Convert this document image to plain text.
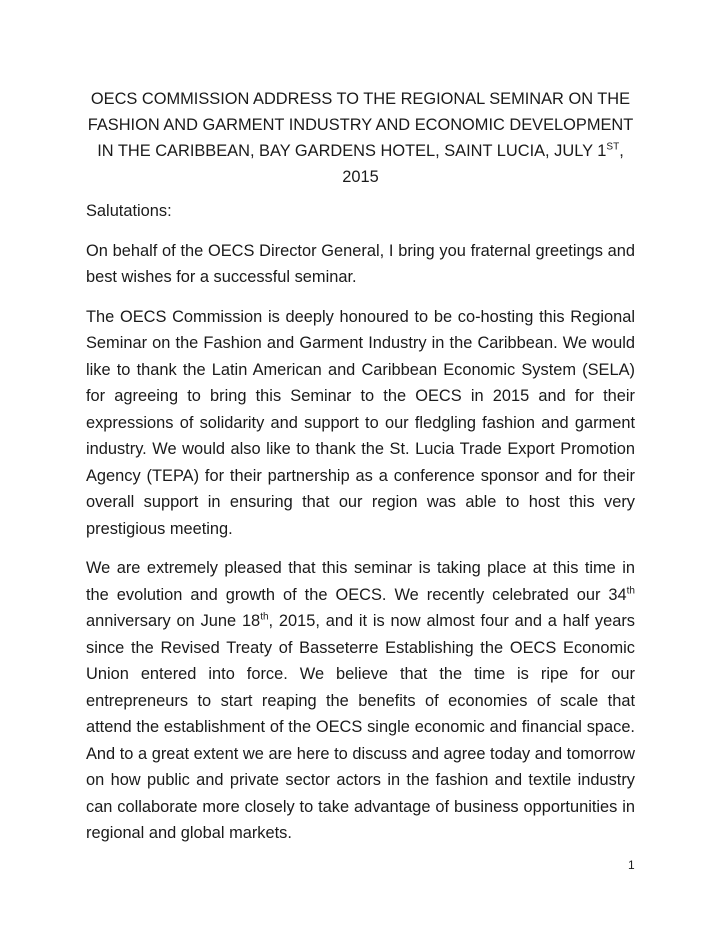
OECS COMMISSION ADDRESS TO THE REGIONAL SEMINAR ON THE FASHION AND GARMENT INDUSTRY AND ECONOMIC DEVELOPMENT IN THE CARIBBEAN, BAY GARDENS HOTEL, SAINT LUCIA, JULY 1ST, 2015

Salutations:

On behalf of the OECS Director General, I bring you fraternal greetings and best wishes for a successful seminar.

The OECS Commission is deeply honoured to be co-hosting this Regional Seminar on the Fashion and Garment Industry in the Caribbean. We would like to thank the Latin American and Caribbean Economic System (SELA) for agreeing to bring this Seminar to the OECS in 2015 and for their expressions of solidarity and support to our fledgling fashion and garment industry. We would also like to thank the St. Lucia Trade Export Promotion Agency (TEPA) for their partnership as a conference sponsor and for their overall support in ensuring that our region was able to host this very prestigious meeting.

We are extremely pleased that this seminar is taking place at this time in the evolution and growth of the OECS. We recently celebrated our 34th anniversary on June 18th, 2015, and it is now almost four and a half years since the Revised Treaty of Basseterre Establishing the OECS Economic Union entered into force. We believe that the time is ripe for our entrepreneurs to start reaping the benefits of economies of scale that attend the establishment of the OECS single economic and financial space. And to a great extent we are here to discuss and agree today and tomorrow on how public and private sector actors in the fashion and textile industry can collaborate more closely to take advantage of business opportunities in regional and global markets.

1
